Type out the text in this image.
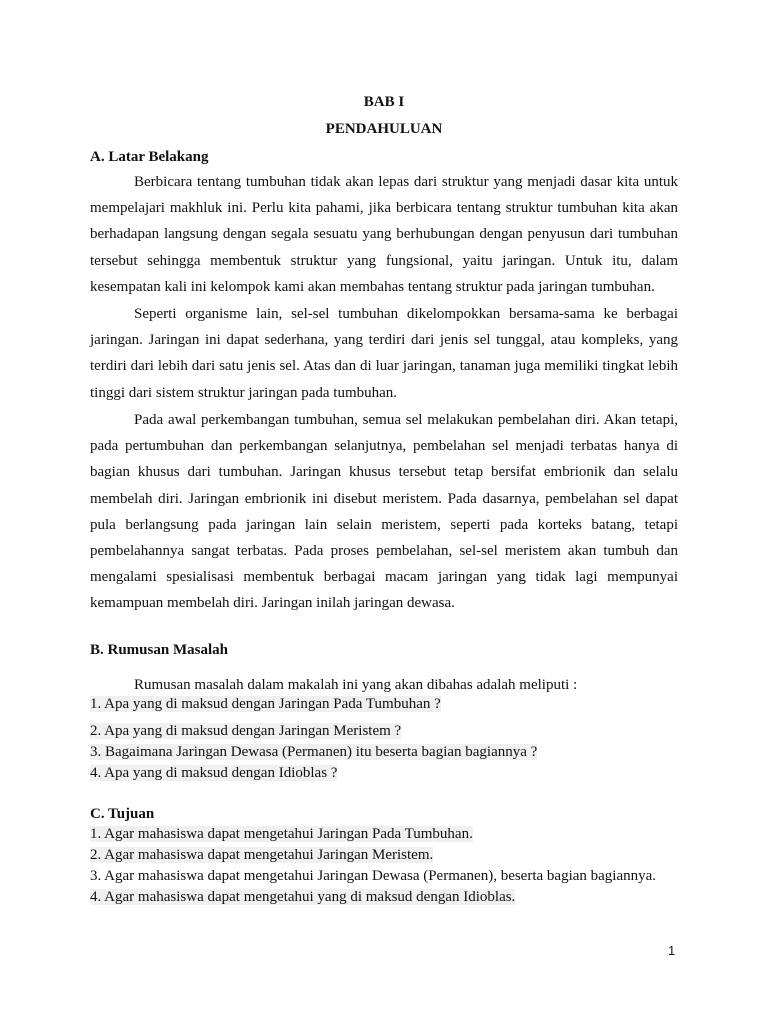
BAB I
PENDAHULUAN
A. Latar Belakang
Berbicara tentang tumbuhan tidak akan lepas dari struktur yang menjadi dasar kita untuk mempelajari makhluk ini. Perlu kita pahami, jika berbicara tentang struktur tumbuhan kita akan berhadapan langsung dengan segala sesuatu yang berhubungan dengan penyusun dari tumbuhan tersebut sehingga membentuk struktur yang fungsional, yaitu jaringan. Untuk itu, dalam kesempatan kali ini kelompok kami akan membahas tentang struktur pada jaringan tumbuhan.
Seperti organisme lain, sel-sel tumbuhan dikelompokkan bersama-sama ke berbagai jaringan. Jaringan ini dapat sederhana, yang terdiri dari jenis sel tunggal, atau kompleks, yang terdiri dari lebih dari satu jenis sel. Atas dan di luar jaringan, tanaman juga memiliki tingkat lebih tinggi dari sistem struktur jaringan pada tumbuhan.
Pada awal perkembangan tumbuhan, semua sel melakukan pembelahan diri. Akan tetapi, pada pertumbuhan dan perkembangan selanjutnya, pembelahan sel menjadi terbatas hanya di bagian khusus dari tumbuhan. Jaringan khusus tersebut tetap bersifat embrionik dan selalu membelah diri. Jaringan embrionik ini disebut meristem. Pada dasarnya, pembelahan sel dapat pula berlangsung pada jaringan lain selain meristem, seperti pada korteks batang, tetapi pembelahannya sangat terbatas. Pada proses pembelahan, sel-sel meristem akan tumbuh dan mengalami spesialisasi membentuk berbagai macam jaringan yang tidak lagi mempunyai kemampuan membelah diri. Jaringan inilah jaringan dewasa.
B. Rumusan Masalah
Rumusan masalah dalam makalah ini yang akan dibahas adalah meliputi :
1. Apa yang di maksud dengan Jaringan Pada Tumbuhan ?
2. Apa yang di maksud dengan Jaringan Meristem ?
3. Bagaimana Jaringan Dewasa (Permanen) itu beserta bagian bagiannya ?
4. Apa yang di maksud dengan Idioblas ?
C. Tujuan
1. Agar mahasiswa dapat mengetahui Jaringan Pada Tumbuhan.
2. Agar mahasiswa dapat mengetahui Jaringan Meristem.
3. Agar mahasiswa dapat mengetahui Jaringan Dewasa (Permanen), beserta bagian bagiannya.
4. Agar mahasiswa dapat mengetahui yang di maksud dengan Idioblas.
1
